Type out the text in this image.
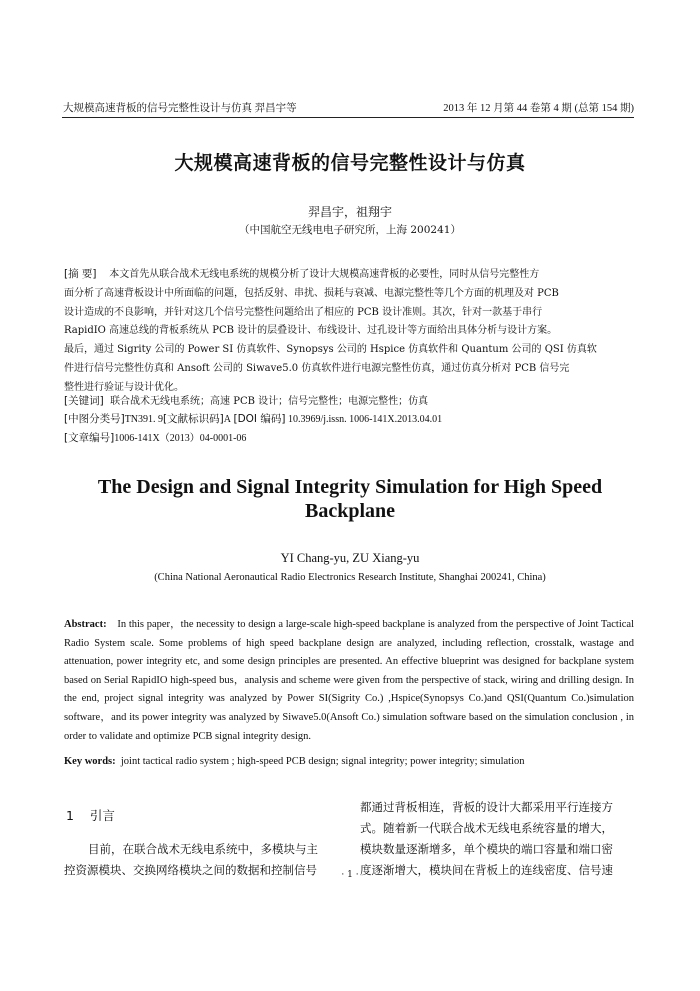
大规模高速背板的信号完整性设计与仿真 羿昌宇等	2013 年 12 月第 44 卷第 4 期 (总第 154 期)
大规模高速背板的信号完整性设计与仿真
羿昌宇，祖翔宇
（中国航空无线电电子研究所，上海 200241）
[摘 要] 本文首先从联合战术无线电系统的规模分析了设计大规模高速背板的必要性，同时从信号完整性方
面分析了高速背板设计中所面临的问题，包括反射、串扰、损耗与衰减、电源完整性等几个方面的机理及对 PCB
设计造成的不良影响，并针对这几个信号完整性问题给出了相应的 PCB 设计准则。其次，针对一款基于串行
RapidIO 高速总线的背板系统从 PCB 设计的层叠设计、布线设计、过孔设计等方面给出具体分析与设计方案。
最后，通过 Sigrity 公司的 Power SI 仿真软件、Synopsys 公司的 Hspice 仿真软件和 Quantum 公司的 QSI 仿真软
件进行信号完整性仿真和 Ansoft 公司的 Siwave5.0 仿真软件进行电源完整性仿真，通过仿真分析对 PCB 信号完
整性进行验证与设计优化。
[关键词] 联合战术无线电系统；高速 PCB 设计；信号完整性；电源完整性；仿真
[中图分类号]TN391. 9[文献标识码]A [DOI 编码] 10.3969/j.issn. 1006-141X.2013.04.01
[文章编号]1006-141X（2013）04-0001-06
The Design and Signal Integrity Simulation for High Speed
Backplane
YI Chang-yu, ZU Xiang-yu
(China National Aeronautical Radio Electronics Research Institute, Shanghai 200241, China)
Abstract: In this paper，the necessity to design a large-scale high-speed backplane is analyzed from the perspective of Joint Tactical Radio System scale. Some problems of high speed backplane design are analyzed, including reflection, crosstalk, wastage and attenuation, power integrity etc, and some design principles are presented. An effective blueprint was designed for backplane system based on Serial RapidIO high-speed bus，analysis and scheme were given from the perspective of stack, wiring and drilling design. In the end, project signal integrity was analyzed by Power SI(Sigrity Co.) ,Hspice(Synopsys Co.)and QSI(Quantum Co.)simulation software，and its power integrity was analyzed by Siwave5.0(Ansoft Co.) simulation software based on the simulation conclusion , in order to validate and optimize PCB signal integrity design.
Key words: joint tactical radio system ; high-speed PCB design; signal integrity; power integrity; simulation
1 引言
目前，在联合战术无线电系统中，多模块与主
控资源模块、交换网络模块之间的数据和控制信号
都通过背板相连，背板的设计大都采用平行连接方
式。随着新一代联合战术无线电系统容量的增大，
模块数量逐渐增多，单个模块的端口容量和端口密
度逐渐增大，模块间在背板上的连线密度、信号速
· 1 ·
